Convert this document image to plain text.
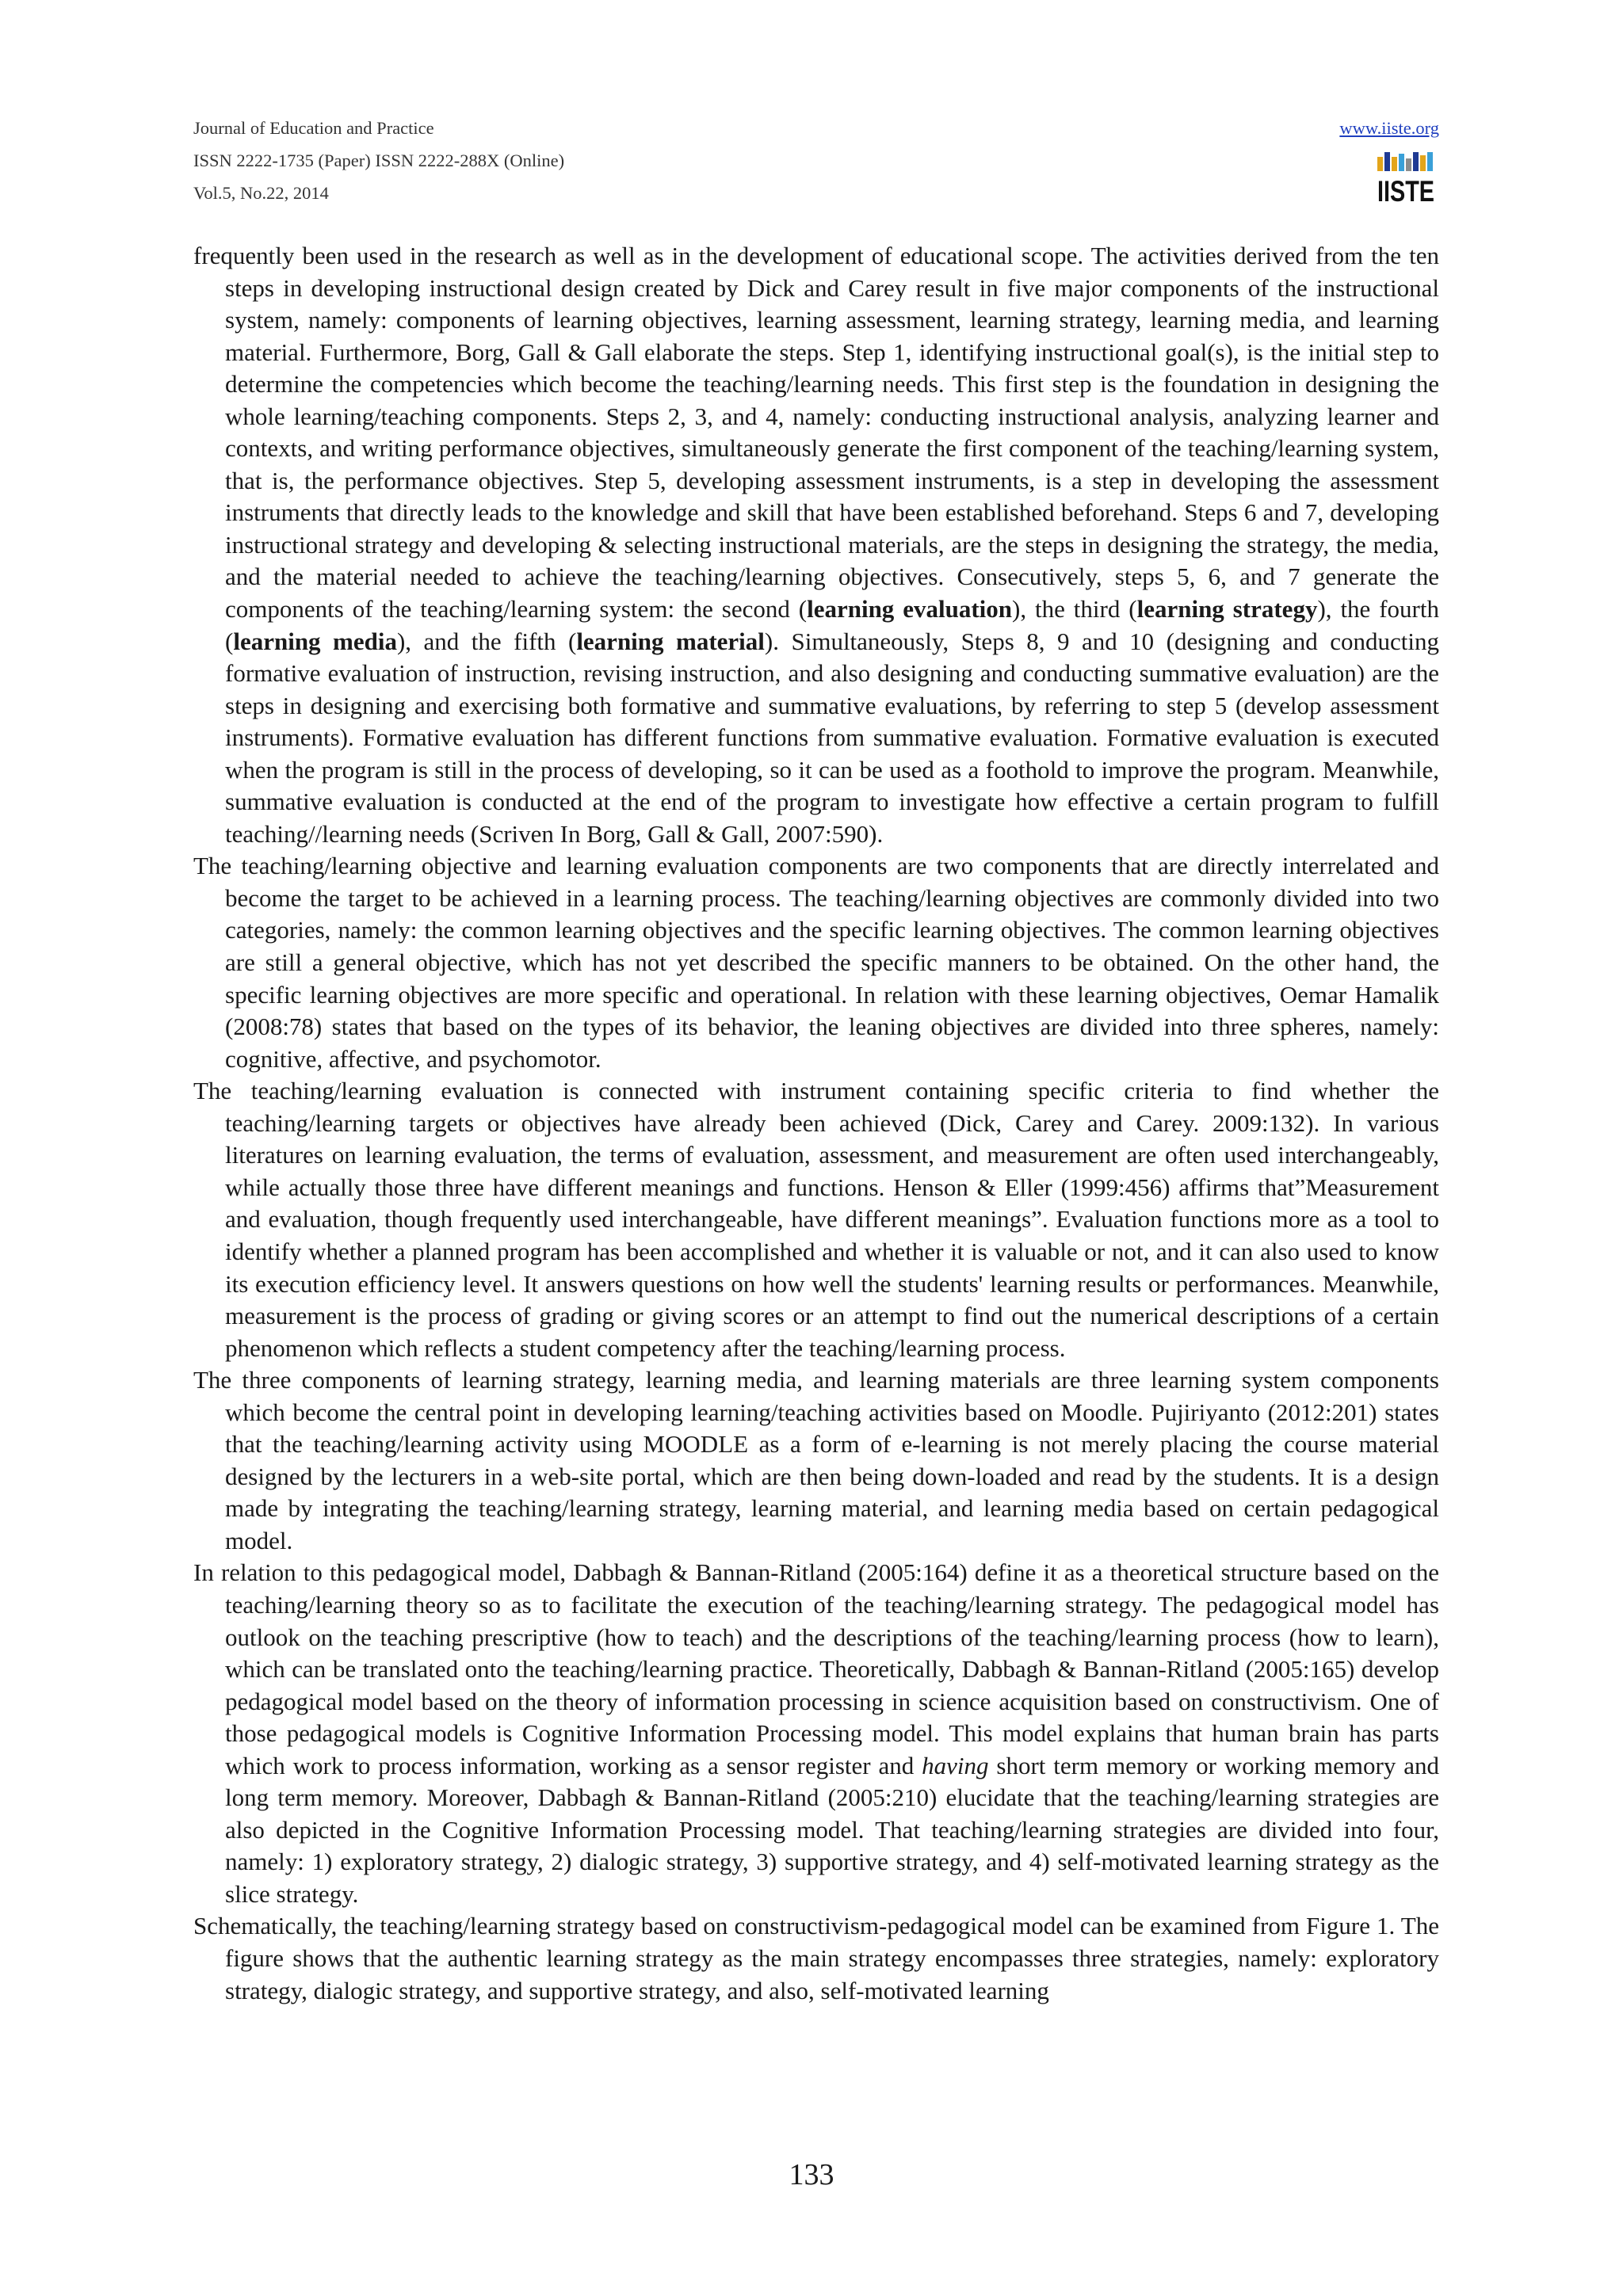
Journal of Education and Practice
ISSN 2222-1735 (Paper) ISSN 2222-288X (Online)
Vol.5, No.22, 2014
www.iiste.org
IISTE

frequently been used in the research as well as in the development of educational scope. The activities derived from the ten steps in developing instructional design created by Dick and Carey result in five major components of the instructional system, namely: components of learning objectives, learning assessment, learning strategy, learning media, and learning material. Furthermore, Borg, Gall & Gall elaborate the steps. Step 1, identifying instructional goal(s), is the initial step to determine the competencies which become the teaching/learning needs. This first step is the foundation in designing the whole learning/teaching components. Steps 2, 3, and 4, namely: conducting instructional analysis, analyzing learner and contexts, and writing performance objectives, simultaneously generate the first component of the teaching/learning system, that is, the performance objectives. Step 5, developing assessment instruments, is a step in developing the assessment instruments that directly leads to the knowledge and skill that have been established beforehand. Steps 6 and 7, developing instructional strategy and developing & selecting instructional materials, are the steps in designing the strategy, the media, and the material needed to achieve the teaching/learning objectives. Consecutively, steps 5, 6, and 7 generate the components of the teaching/learning system: the second (learning evaluation), the third (learning strategy), the fourth (learning media), and the fifth (learning material). Simultaneously, Steps 8, 9 and 10 (designing and conducting formative evaluation of instruction, revising instruction, and also designing and conducting summative evaluation) are the steps in designing and exercising both formative and summative evaluations, by referring to step 5 (develop assessment instruments). Formative evaluation has different functions from summative evaluation. Formative evaluation is executed when the program is still in the process of developing, so it can be used as a foothold to improve the program. Meanwhile, summative evaluation is conducted at the end of the program to investigate how effective a certain program to fulfill teaching//learning needs (Scriven In Borg, Gall & Gall, 2007:590).

The teaching/learning objective and learning evaluation components are two components that are directly interrelated and become the target to be achieved in a learning process. The teaching/learning objectives are commonly divided into two categories, namely: the common learning objectives and the specific learning objectives. The common learning objectives are still a general objective, which has not yet described the specific manners to be obtained. On the other hand, the specific learning objectives are more specific and operational. In relation with these learning objectives, Oemar Hamalik (2008:78) states that based on the types of its behavior, the leaning objectives are divided into three spheres, namely: cognitive, affective, and psychomotor.

The teaching/learning evaluation is connected with instrument containing specific criteria to find whether the teaching/learning targets or objectives have already been achieved (Dick, Carey and Carey. 2009:132). In various literatures on learning evaluation, the terms of evaluation, assessment, and measurement are often used interchangeably, while actually those three have different meanings and functions. Henson & Eller (1999:456) affirms that”Measurement and evaluation, though frequently used interchangeable, have different meanings”. Evaluation functions more as a tool to identify whether a planned program has been accomplished and whether it is valuable or not, and it can also used to know its execution efficiency level. It answers questions on how well the students' learning results or performances. Meanwhile, measurement is the process of grading or giving scores or an attempt to find out the numerical descriptions of a certain phenomenon which reflects a student competency after the teaching/learning process.

The three components of learning strategy, learning media, and learning materials are three learning system components which become the central point in developing learning/teaching activities based on Moodle. Pujiriyanto (2012:201) states that the teaching/learning activity using MOODLE as a form of e-learning is not merely placing the course material designed by the lecturers in a web-site portal, which are then being down-loaded and read by the students. It is a design made by integrating the teaching/learning strategy, learning material, and learning media based on certain pedagogical model.

In relation to this pedagogical model, Dabbagh & Bannan-Ritland (2005:164) define it as a theoretical structure based on the teaching/learning theory so as to facilitate the execution of the teaching/learning strategy. The pedagogical model has outlook on the teaching prescriptive (how to teach) and the descriptions of the teaching/learning process (how to learn), which can be translated onto the teaching/learning practice. Theoretically, Dabbagh & Bannan-Ritland (2005:165) develop pedagogical model based on the theory of information processing in science acquisition based on constructivism. One of those pedagogical models is Cognitive Information Processing model. This model explains that human brain has parts which work to process information, working as a sensor register and having short term memory or working memory and long term memory. Moreover, Dabbagh & Bannan-Ritland (2005:210) elucidate that the teaching/learning strategies are also depicted in the Cognitive Information Processing model. That teaching/learning strategies are divided into four, namely: 1) exploratory strategy, 2) dialogic strategy, 3) supportive strategy, and 4) self-motivated learning strategy as the slice strategy.

Schematically, the teaching/learning strategy based on constructivism-pedagogical model can be examined from Figure 1. The figure shows that the authentic learning strategy as the main strategy encompasses three strategies, namely: exploratory strategy, dialogic strategy, and supportive strategy, and also, self-motivated learning

133
